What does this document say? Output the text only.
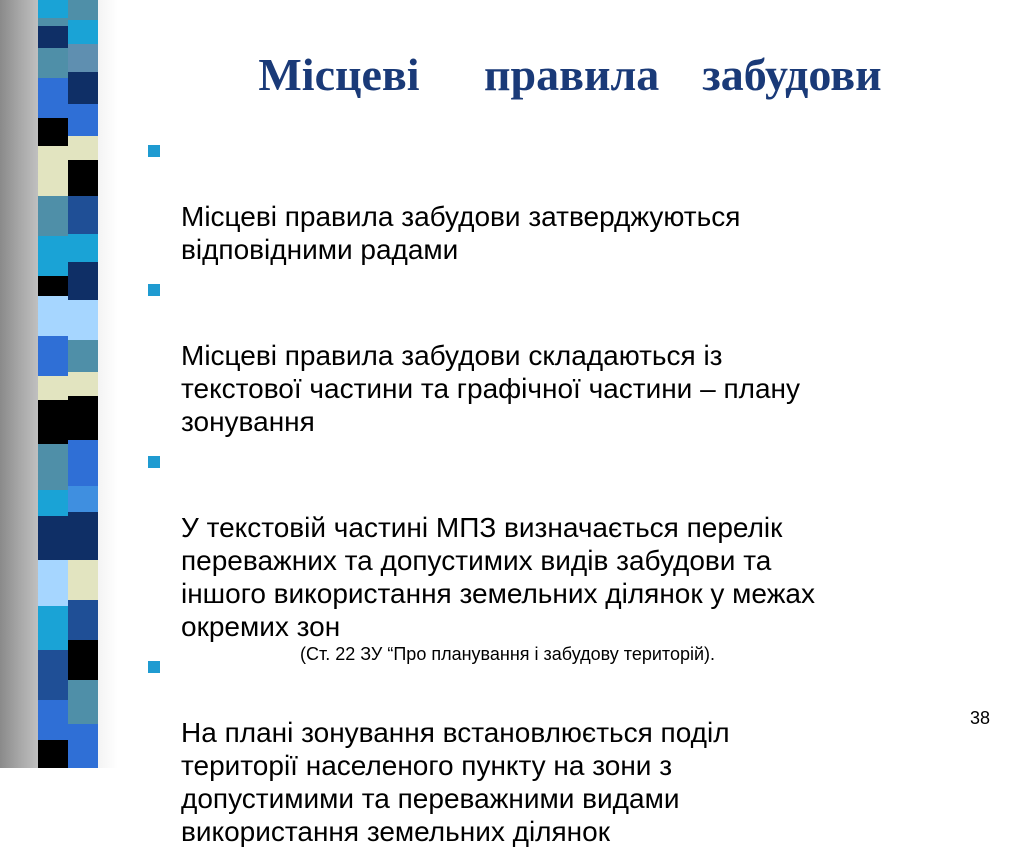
Місцеві   правила  забудови

Місцеві правила забудови затверджуються
відповідними радами

Місцеві правила забудови складаються із
текстової частини та графічної частини – плану
зонування

У текстовій частині МПЗ визначається перелік
переважних та допустимих видів забудови та
іншого використання земельних ділянок у межах
окремих зон

На плані зонування встановлюється поділ
території населеного пункту на зони з
допустимими та переважними видами
використання земельних ділянок

(Ст. 22 ЗУ “Про планування і забудову територій).

38
